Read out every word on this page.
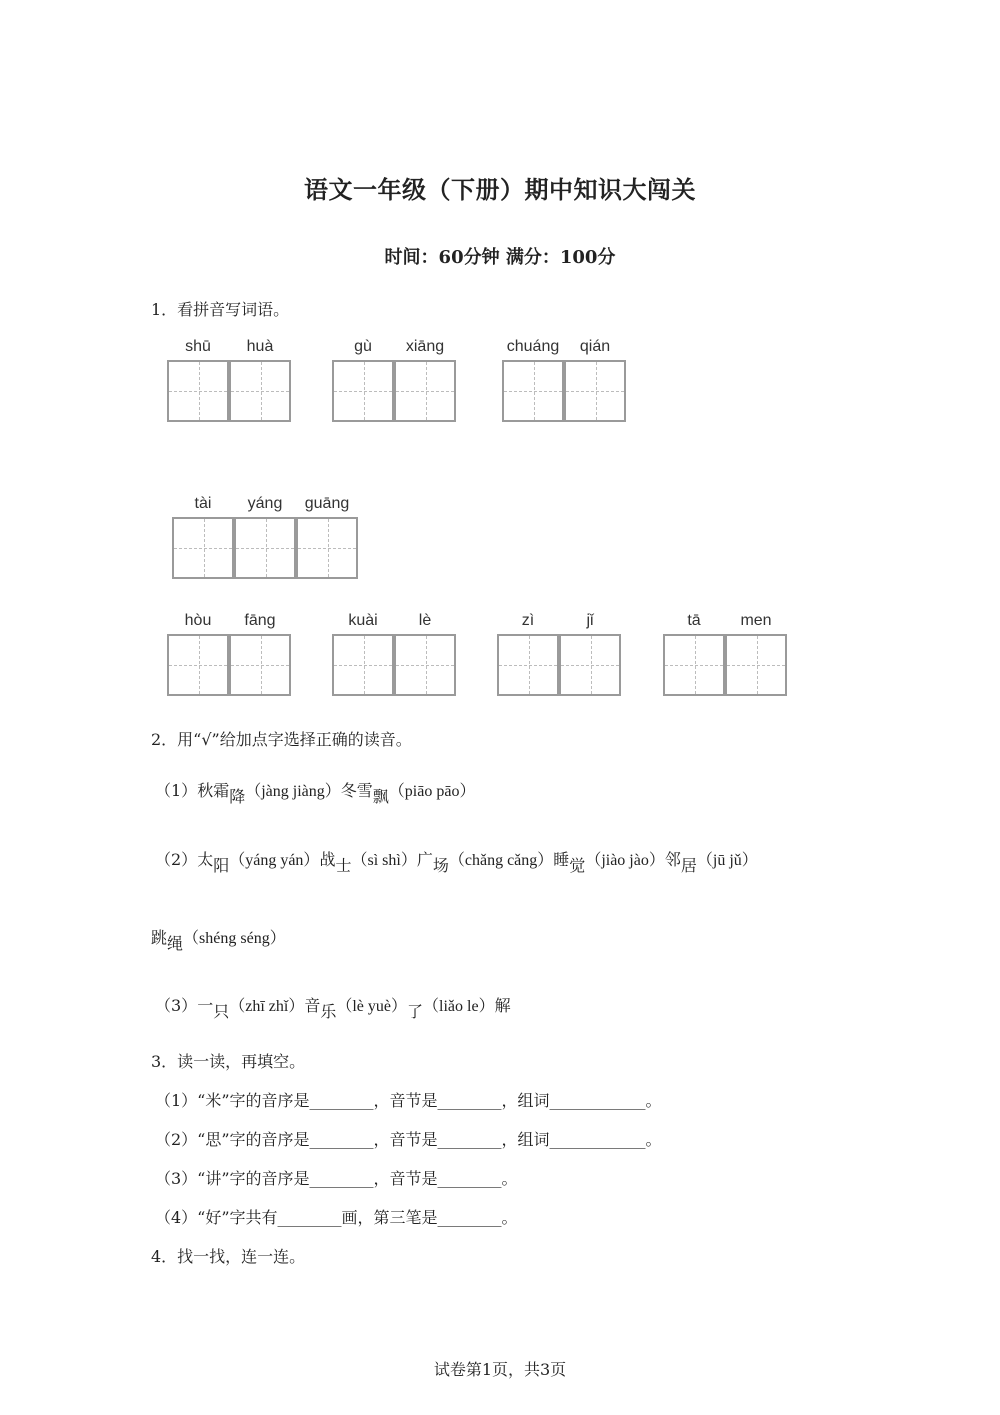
语文一年级（下册）期中知识大闯关
时间：60分钟 满分：100分
1．看拼音写词语。
shū	huà	gù	xiāng	chuáng	qián
tài	yáng	guāng
hòu	fāng	kuài	lè	zì	jǐ	tā	men
2．用“√”给加点字选择正确的读音。
（1）秋霜降（jàng jiàng）冬雪飘（piāo pāo）
（2）太阳（yáng yán）战士（sì shì）广场（chǎng cǎng）睡觉（jiào jào）邻居（jū jǔ）
跳绳（shéng séng）
（3）一只（zhī zhǐ）音乐（lè yuè）了（liǎo le）解
3．读一读，再填空。
（1）“米”字的音序是________，音节是________，组词____________。
（2）“思”字的音序是________，音节是________，组词____________。
（3）“讲”字的音序是________，音节是________。
（4）“好”字共有________画，第三笔是________。
4．找一找，连一连。
试卷第1页，共3页
